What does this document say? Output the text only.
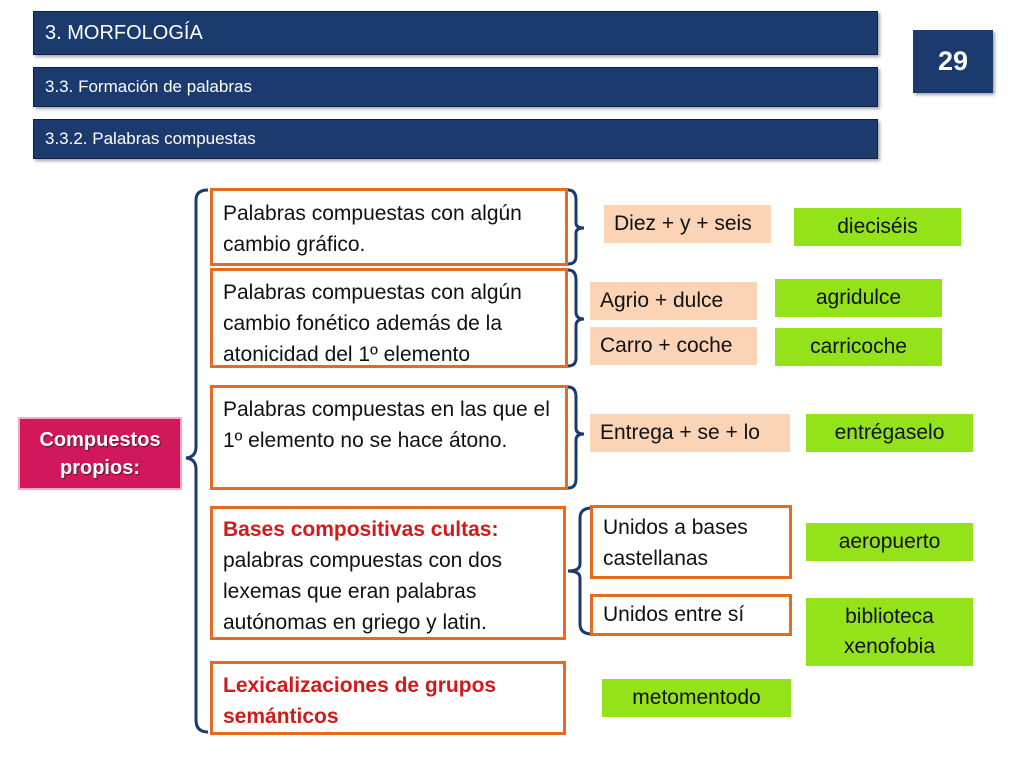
3. MORFOLOGÍA
3.3. Formación de palabras
3.3.2. Palabras compuestas
29
Compuestos propios:
Palabras compuestas con algún cambio gráfico.
Palabras compuestas con algún cambio fonético además de la atonicidad del 1º elemento
Palabras compuestas en las que el 1º elemento no se hace átono.
Bases compositivas cultas: palabras compuestas con dos lexemas que eran palabras autónomas en griego y latin.
Lexicalizaciones de grupos semánticos
Diez + y + seis
Agrio + dulce
Carro + coche
Entrega + se + lo
Unidos a bases castellanas
Unidos entre sí
dieciséis
agridulce
carricoche
entrégaselo
aeropuerto
biblioteca xenofobia
metomentodo
